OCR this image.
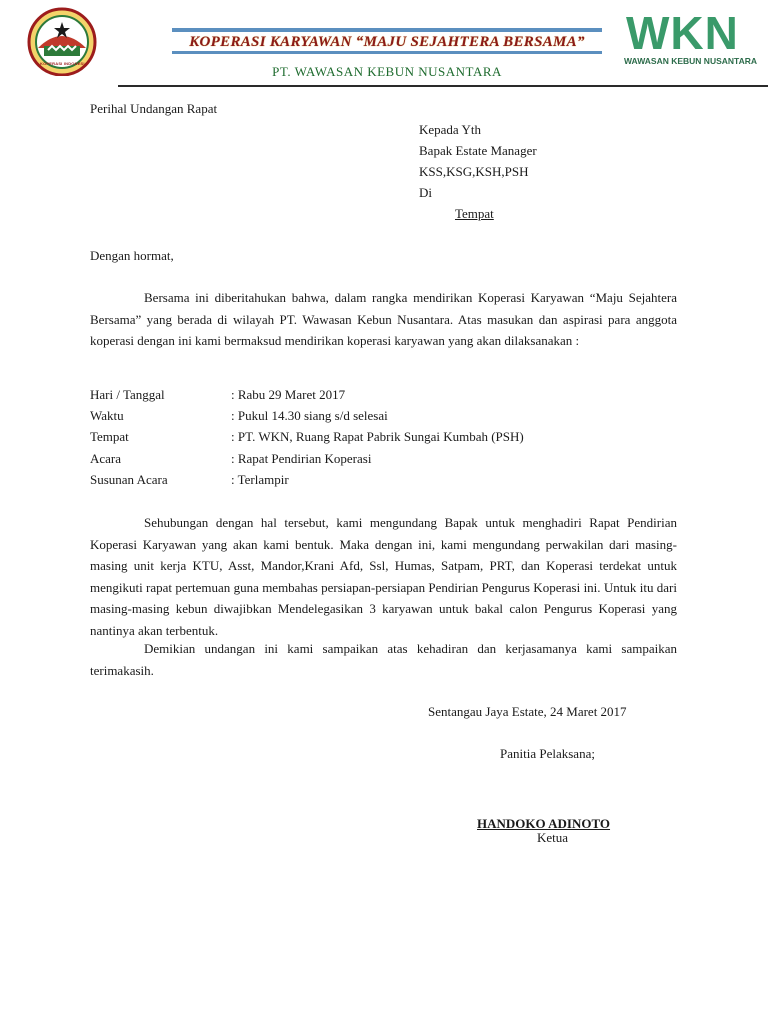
KOPERASI INDONESIA
KOPERASI KARYAWAN “MAJU SEJAHTERA BERSAMA”
PT. WAWASAN KEBUN NUSANTARA
WKN
WAWASAN KEBUN NUSANTARA
Perihal Undangan Rapat
Kepada Yth
Bapak Estate Manager
KSS,KSG,KSH,PSH
Di
Tempat
Dengan hormat,
Bersama ini diberitahukan bahwa, dalam rangka mendirikan Koperasi Karyawan “Maju Sejahtera Bersama” yang berada di wilayah PT. Wawasan Kebun Nusantara. Atas masukan dan aspirasi para anggota koperasi dengan ini kami bermaksud mendirikan koperasi karyawan yang akan dilaksanakan :
Hari / Tanggal	: Rabu 29 Maret 2017
Waktu	: Pukul 14.30 siang s/d selesai
Tempat	: PT. WKN, Ruang Rapat Pabrik Sungai Kumbah (PSH)
Acara	: Rapat Pendirian Koperasi
Susunan Acara	: Terlampir
Sehubungan dengan hal tersebut, kami mengundang Bapak untuk menghadiri Rapat Pendirian Koperasi Karyawan yang akan kami bentuk. Maka dengan ini, kami mengundang perwakilan dari masing-masing unit kerja KTU, Asst, Mandor,Krani Afd, Ssl, Humas, Satpam, PRT, dan Koperasi terdekat untuk mengikuti rapat pertemuan guna membahas persiapan-persiapan Pendirian Pengurus Koperasi ini. Untuk itu dari masing-masing kebun diwajibkan Mendelegasikan 3 karyawan untuk bakal calon Pengurus Koperasi yang nantinya akan terbentuk.
Demikian undangan ini kami sampaikan atas kehadiran dan kerjasamanya kami sampaikan terimakasih.
Sentangau Jaya Estate, 24 Maret 2017
Panitia Pelaksana;
HANDOKO ADINOTO
Ketua
